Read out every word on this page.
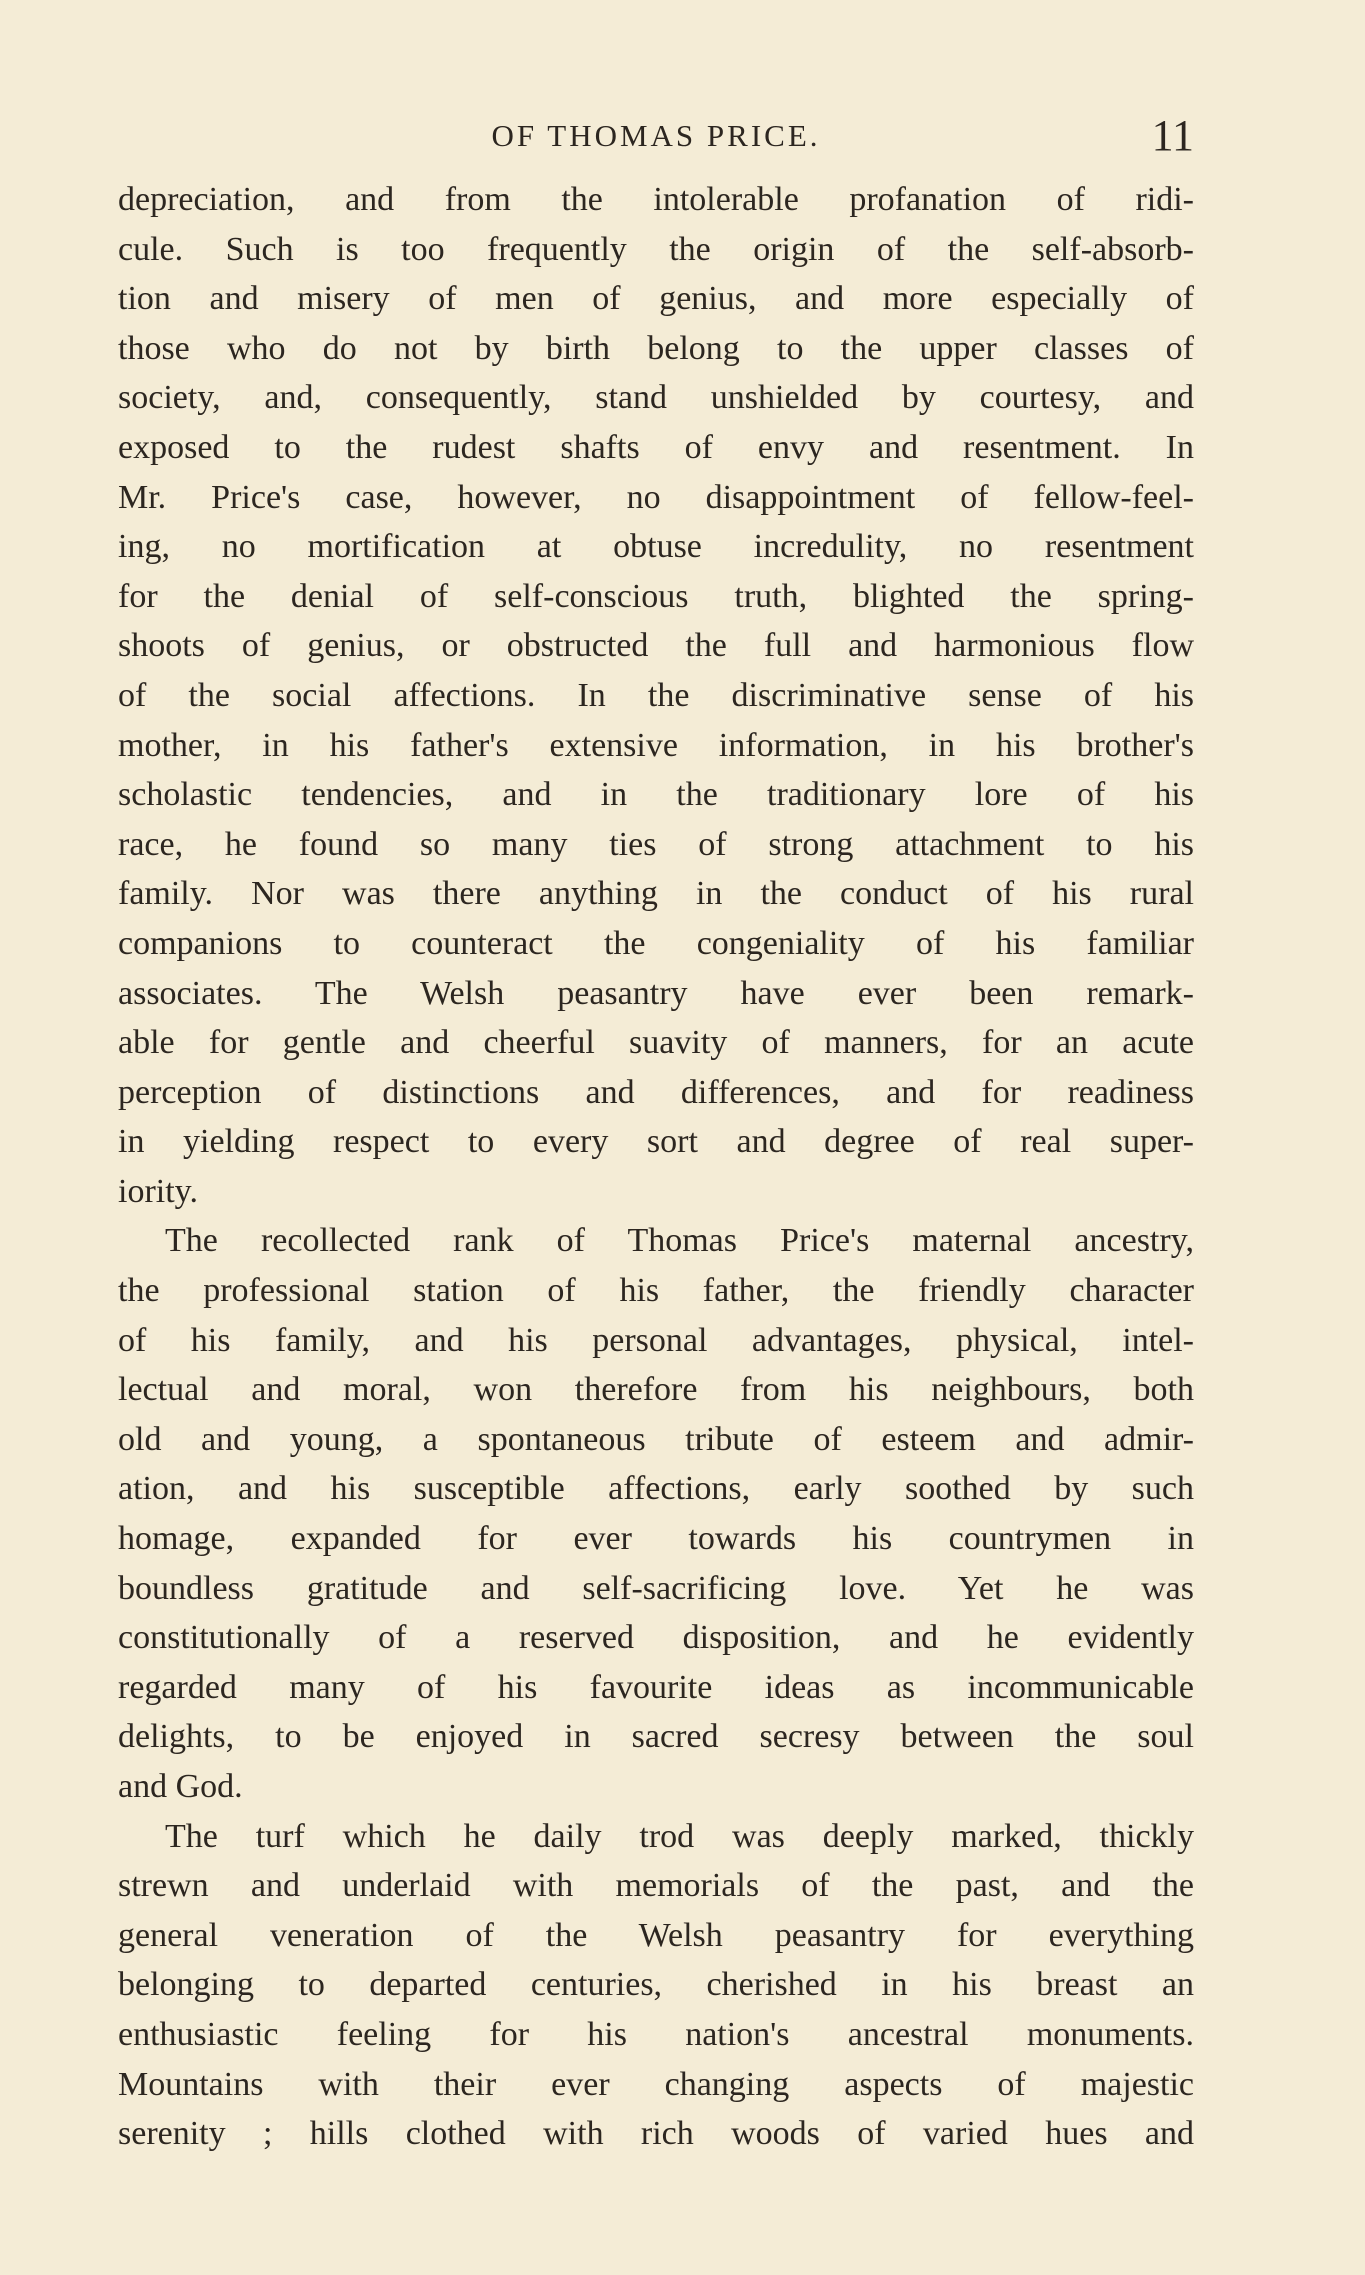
OF THOMAS PRICE.	11
depreciation, and from the intolerable profanation of ridi-
cule. Such is too frequently the origin of the self-absorb-
tion and misery of men of genius, and more especially of
those who do not by birth belong to the upper classes of
society, and, consequently, stand unshielded by courtesy, and
exposed to the rudest shafts of envy and resentment. In
Mr. Price's case, however, no disappointment of fellow-feel-
ing, no mortification at obtuse incredulity, no resentment
for the denial of self-conscious truth, blighted the spring-
shoots of genius, or obstructed the full and harmonious flow
of the social affections. In the discriminative sense of his
mother, in his father's extensive information, in his brother's
scholastic tendencies, and in the traditionary lore of his
race, he found so many ties of strong attachment to his
family. Nor was there anything in the conduct of his rural
companions to counteract the congeniality of his familiar
associates. The Welsh peasantry have ever been remark-
able for gentle and cheerful suavity of manners, for an acute
perception of distinctions and differences, and for readiness
in yielding respect to every sort and degree of real super-
iority.
The recollected rank of Thomas Price's maternal ancestry,
the professional station of his father, the friendly character
of his family, and his personal advantages, physical, intel-
lectual and moral, won therefore from his neighbours, both
old and young, a spontaneous tribute of esteem and admir-
ation, and his susceptible affections, early soothed by such
homage, expanded for ever towards his countrymen in
boundless gratitude and self-sacrificing love. Yet he was
constitutionally of a reserved disposition, and he evidently
regarded many of his favourite ideas as incommunicable
delights, to be enjoyed in sacred secresy between the soul
and God.
The turf which he daily trod was deeply marked, thickly
strewn and underlaid with memorials of the past, and the
general veneration of the Welsh peasantry for everything
belonging to departed centuries, cherished in his breast an
enthusiastic feeling for his nation's ancestral monuments.
Mountains with their ever changing aspects of majestic
serenity ; hills clothed with rich woods of varied hues and
